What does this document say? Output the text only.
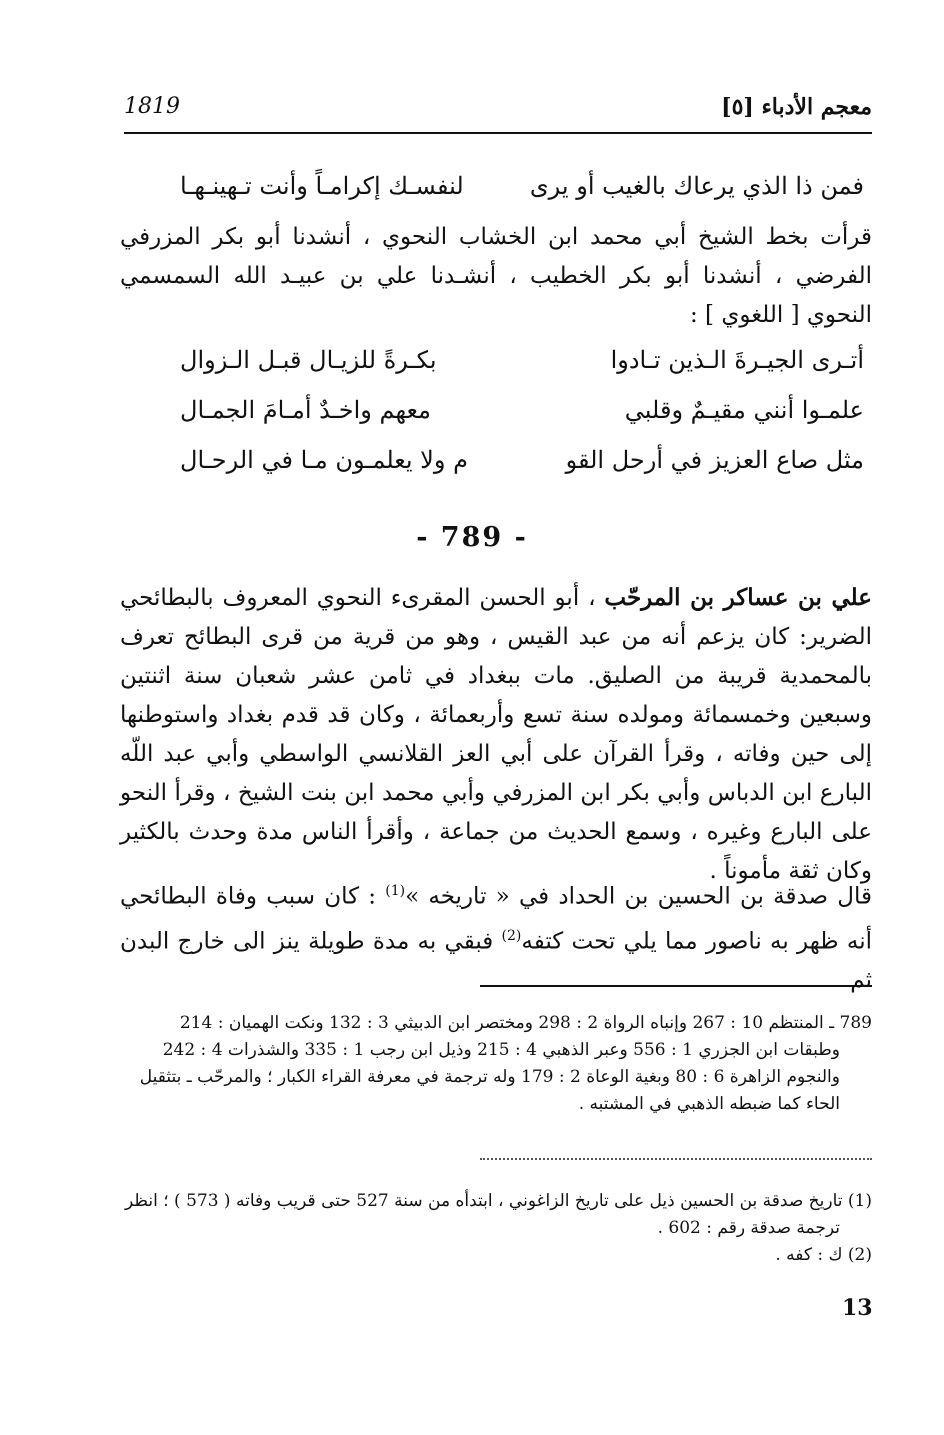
1819	معجم الأدباء [٥]
فمن ذا الذي يرعاك بالغيب أو يرى
لنفسـك إكرامـاً وأنت تـهينـهـا

قرأت بخط الشيخ أبي محمد ابن الخشاب النحوي ، أنشدنا أبو بكر المزرفي الفرضي ، أنشدنا أبو بكر الخطيب ، أنشـدنا علي بن عبيـد الله السمسمي النحوي [ اللغوي ] :

أتـرى الجيـرةَ الـذين تـادوا
بكـرةً للزيـال قبـل الـزوال
علمـوا أنني مقيـمٌ وقلبي
معهم واخـدٌ أمـامَ الجمـال
مثل صاع العزيز في أرحل القو
م ولا يعلمـون مـا في الرحـال
- 789 -

علي بن عساكر بن المرحّب ، أبو الحسن المقرىء النحوي المعروف بالبطائحي الضرير: كان يزعم أنه من عبد القيس ، وهو من قرية من قرى البطائح تعرف بالمحمدية قريبة من الصليق. مات ببغداد في ثامن عشر شعبان سنة اثنتين وسبعين وخمسمائة ومولده سنة تسع وأربعمائة ، وكان قد قدم بغداد واستوطنها إلى حين وفاته ، وقرأ القرآن على أبي العز القلانسي الواسطي وأبي عبد اللّه البارع ابن الدباس وأبي بكر ابن المزرفي وأبي محمد ابن بنت الشيخ ، وقرأ النحو على البارع وغيره ، وسمع الحديث من جماعة ، وأقرأ الناس مدة وحدث بالكثير وكان ثقة مأموناً .

قال صدقة بن الحسين بن الحداد في « تاريخه »$^{(1)}$ : كان سبب وفاة البطائحي أنه ظهر به ناصور مما يلي تحت كتفه$^{(2)}$ فبقي به مدة طويلة ينز الى خارج البدن ثم

789 ـ المنتظم 10 : 267 وإنباه الرواة 2 : 298 ومختصر ابن الدبيثي 3 : 132 ونكت الهميان : 214

وطبقات ابن الجزري 1 : 556 وعبر الذهبي 4 : 215 وذيل ابن رجب 1 : 335 والشذرات 4 : 242

والنجوم الزاهرة 6 : 80 وبغية الوعاة 2 : 179 وله ترجمة في معرفة القراء الكبار ؛ والمرحّب ـ بتثقيل

الحاء كما ضبطه الذهبي في المشتبه .

(1) تاريخ صدقة بن الحسين ذيل على تاريخ الزاغوني ، ابتدأه من سنة 527 حتى قريب وفاته ( 573 ) ؛ انظر

ترجمة صدقة رقم : 602 .

(2) ك : كفه .

13
